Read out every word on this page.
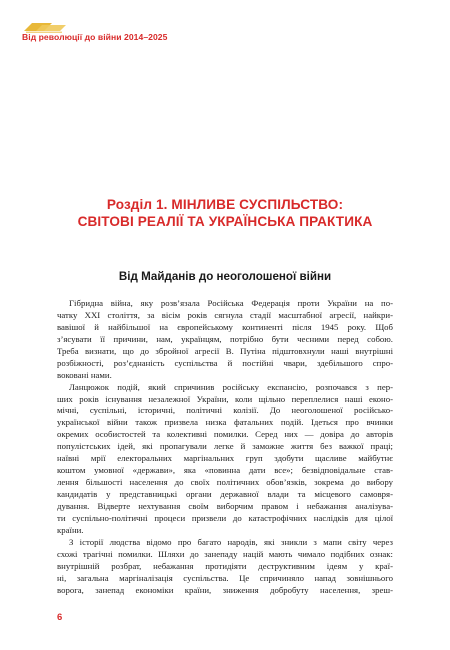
Від революції до війни 2014–2025
Розділ 1. МІНЛИВЕ СУСПІЛЬСТВО:
СВІТОВІ РЕАЛІЇ ТА УКРАЇНСЬКА ПРАКТИКА
Від Майданів до неоголошеної війни
Гібридна війна, яку розв’язала Російська Федерація проти України на по-
чатку XXI століття, за вісім років сягнула стадії масштабної агресії, найкри-
вавішої й найбільшої на європейському континенті після 1945 року. Щоб
з’ясувати її причини, нам, українцям, потрібно бути чесними перед собою.
Треба визнати, що до збройної агресії В. Путіна підштовхнули наші внутрішні
розбіжності, роз’єднаність суспільства й постійні чвари, здебільшого спро-
вокованi нами.
Ланцюжок подій, який спричинив російську експансію, розпочався з пер-
ших років існування незалежної України, коли щільно переплелися наші еконо-
мічні, суспільні, історичні, політичні колізії. До неоголошеної російсько-
української війни також призвела низка фатальних подій. Ідеться про вчинки
окремих особистостей та колективні помилки. Серед них — довіра до авторів
популістських ідей, які пропагували легке й заможне життя без важкої праці;
наївні мрії електоральних маргінальних груп здобути щасливе майбутнє
коштом умовної «держави», яка «повинна дати все»; безвідповідальне став-
лення більшості населення до своїх політичних обов’язків, зокрема до вибору
кандидатів у представницькі органи державної влади та місцевого самовря-
дування. Відверте нехтування своїм виборчим правом і небажання аналізува-
ти суспільно-політичні процеси призвели до катастрофічних наслідків для цілої
країни.
З історії людства відомо про багато народів, які зникли з мапи світу через
схожі трагічні помилки. Шляхи до занепаду націй мають чимало подібних ознак:
внутрішній розбрат, небажання протидіяти деструктивним ідеям у краї-
ні, загальна маргіналізація суспільства. Це спричиняло напад зовнішнього
ворога, занепад економіки країни, зниження добробуту населення, зреш-
6
